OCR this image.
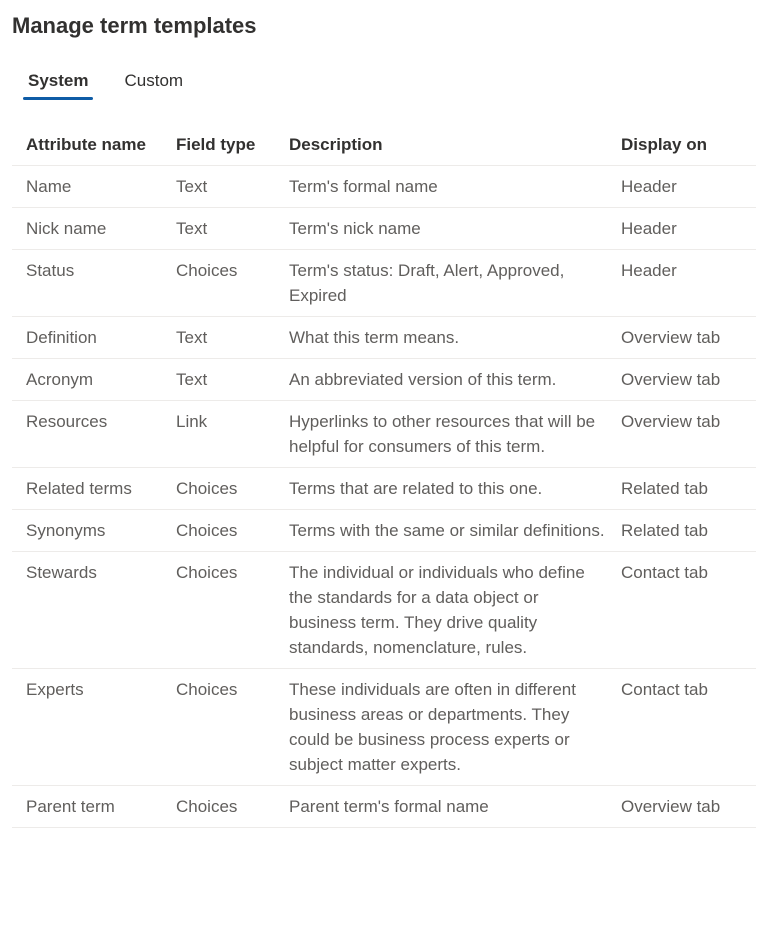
Manage term templates
System	Custom
Attribute name	Field type	Description	Display on
Name	Text	Term's formal name	Header
Nick name	Text	Term's nick name	Header
Status	Choices	Term's status: Draft, Alert, Approved, Expired	Header
Definition	Text	What this term means.	Overview tab
Acronym	Text	An abbreviated version of this term.	Overview tab
Resources	Link	Hyperlinks to other resources that will be helpful for consumers of this term.	Overview tab
Related terms	Choices	Terms that are related to this one.	Related tab
Synonyms	Choices	Terms with the same or similar definitions.	Related tab
Stewards	Choices	The individual or individuals who define the standards for a data object or business term. They drive quality standards, nomenclature, rules.	Contact tab
Experts	Choices	These individuals are often in different business areas or departments. They could be business process experts or subject matter experts.	Contact tab
Parent term	Choices	Parent term's formal name	Overview tab
